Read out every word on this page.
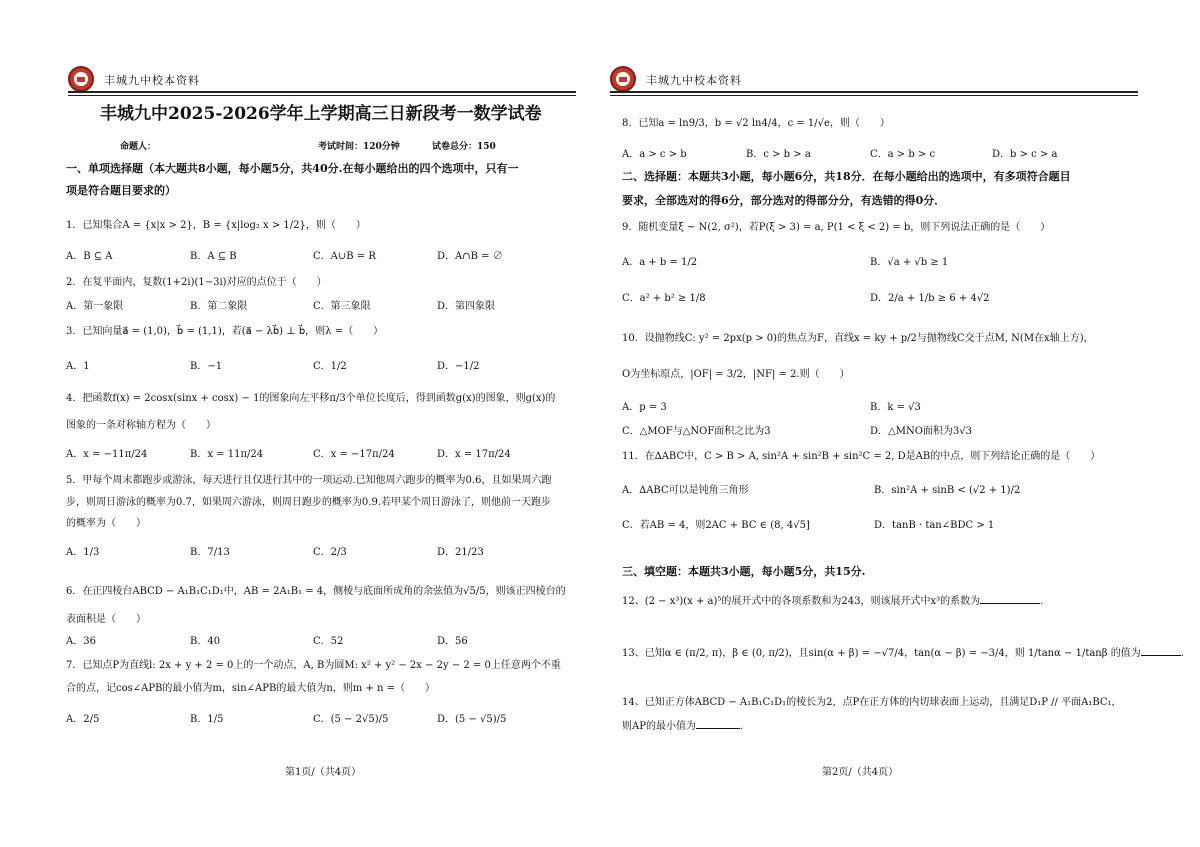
丰城九中校本资料
丰城九中2025-2026学年上学期高三日新段考一数学试卷
命题人：	考试时间：120分钟	试卷总分：150
一、单项选择题（本大题共8小题，每小题5分，共40分.在每小题给出的四个选项中，只有一
项是符合题目要求的）
1．已知集合A = {x|x > 2}，B = {x|log₂ x > 1/2}，则（　　）
A．B ⊆ A	B．A ⊆ B	C．A∪B = R	D．A∩B = ∅
2．在复平面内，复数(1+2i)(1−3i)对应的点位于（　　）
A．第一象限	B．第二象限	C．第三象限	D．第四象限
3．已知向量a⃗ = (1,0)，b⃗ = (1,1)，若(a⃗ − λb⃗) ⊥ b⃗，则λ =（　　）
A．1	B．−1	C．1/2	D．−1/2
4．把函数f(x) = 2cosx(sinx + cosx) − 1的图象向左平移π/3个单位长度后，得到函数g(x)的图象，则g(x)的
图象的一条对称轴方程为（　　）
A．x = −11π/24	B．x = 11π/24	C．x = −17π/24	D．x = 17π/24
5．甲每个周末都跑步或游泳，每天进行且仅进行其中的一项运动.已知他周六跑步的概率为0.6，且如果周六跑
步，则周日游泳的概率为0.7，如果周六游泳，则周日跑步的概率为0.9.若甲某个周日游泳了，则他前一天跑步
的概率为（　　）
A．1/3	B．7/13	C．2/3	D．21/23
6．在正四棱台ABCD − A₁B₁C₁D₁中，AB = 2A₁B₁ = 4，侧棱与底面所成角的余弦值为√5/5，则该正四棱台的
表面积是（　　）
A．36	B．40	C．52	D．56
7．已知点P为直线l: 2x + y + 2 = 0上的一个动点，A, B为圆M: x² + y² − 2x − 2y − 2 = 0上任意两个不重
合的点，记cos∠APB的最小值为m，sin∠APB的最大值为n，则m + n =（　　）
A．2/5	B．1/5	C．(5 − 2√5)/5	D．(5 − √5)/5
第1页/（共4页）
丰城九中校本资料
8．已知a = ln9/3，b = √2 ln4/4，c = 1/√e，则（　　）
A．a > c > b	B．c > b > a	C．a > b > c	D．b > c > a
二、选择题：本题共3小题，每小题6分，共18分．在每小题给出的选项中，有多项符合题目
要求，全部选对的得6分，部分选对的得部分分，有选错的得0分．
9．随机变量ξ ~ N(2, σ²)，若P(ξ > 3) = a, P(1 < ξ < 2) = b，则下列说法正确的是（　　）
A．a + b = 1/2	B．√a + √b ≥ 1
C．a² + b² ≥ 1/8	D．2/a + 1/b ≥ 6 + 4√2
10．设抛物线C: y² = 2px(p > 0)的焦点为F，直线x = ky + p/2与抛物线C交于点M, N(M在x轴上方)，
O为坐标原点，|OF| = 3/2，|NF| = 2.则（　　）
A．p = 3	B．k = √3
C．△MOF与△NOF面积之比为3	D．△MNO面积为3√3
11．在∆ABC中，C > B > A, sin²A + sin²B + sin²C = 2, D是AB的中点，则下列结论正确的是（　　）
A．∆ABC可以是钝角三角形	B．sin²A + sinB < (√2 + 1)/2
C．若AB = 4，则2AC + BC ∈ (8, 4√5]	D．tanB · tan∠BDC > 1
三、填空题：本题共3小题，每小题5分，共15分.
12、(2 − x³)(x + a)⁵的展开式中的各项系数和为243，则该展开式中x³的系数为	.
13、已知α ∈ (π/2, π)，β ∈ (0, π/2)，且sin(α + β) = −√7/4，tan(α − β) = −3/4，则 1/tanα − 1/tanβ 的值为	.
14、已知正方体ABCD − A₁B₁C₁D₁的棱长为2，点P在正方体的内切球表面上运动，且满足D₁P // 平面A₁BC₁，
则AP的最小值为	.
第2页/（共4页）
